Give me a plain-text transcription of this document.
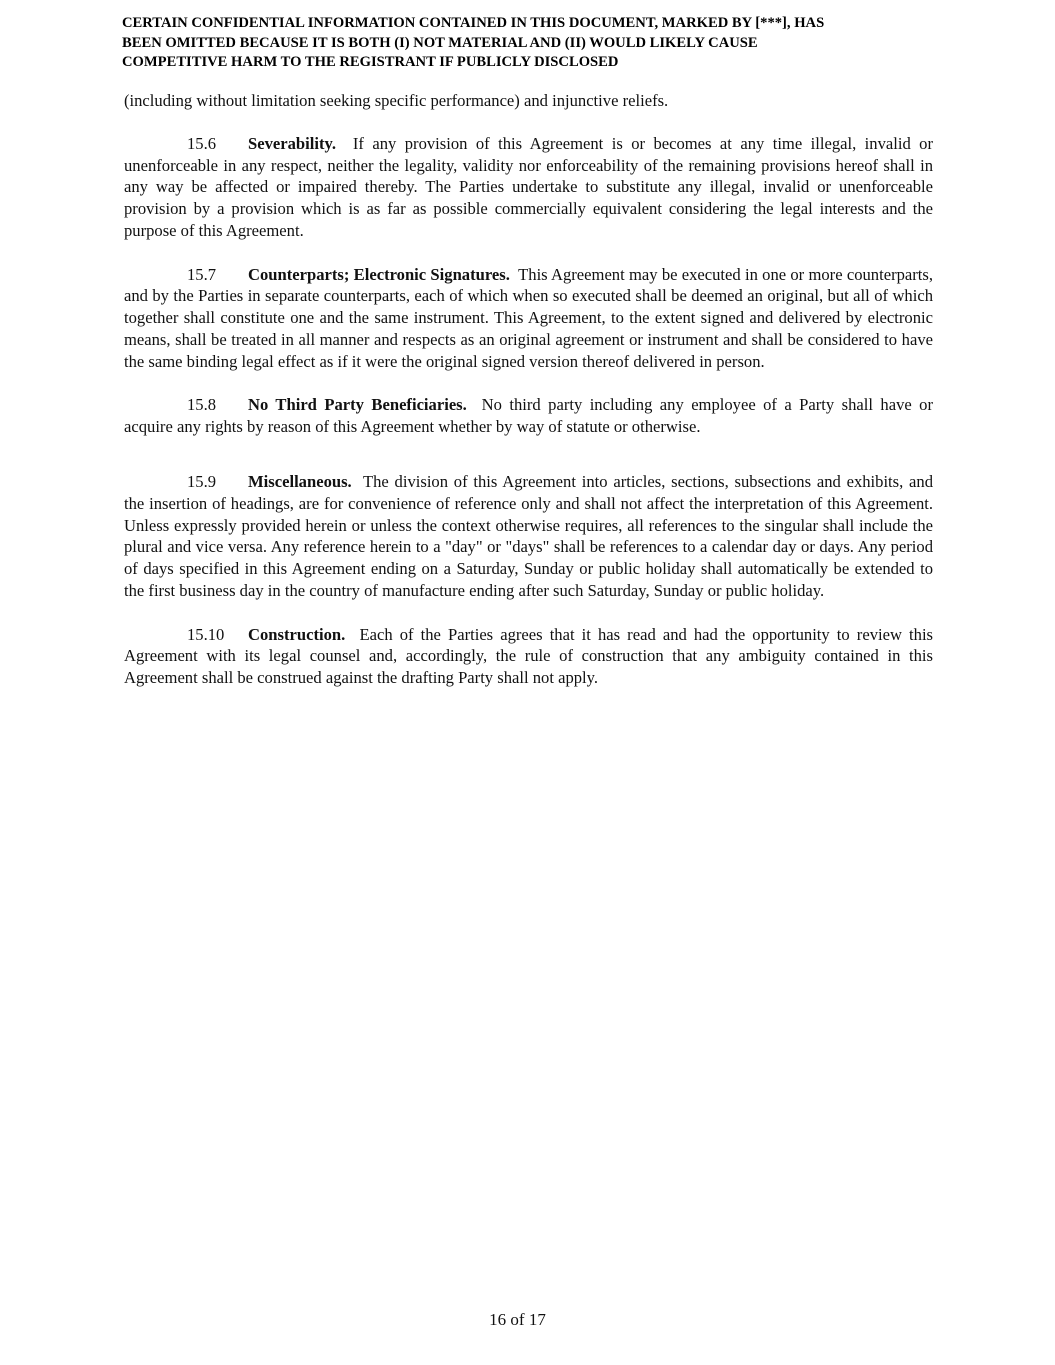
CERTAIN CONFIDENTIAL INFORMATION CONTAINED IN THIS DOCUMENT, MARKED BY [***], HAS
BEEN OMITTED BECAUSE IT IS BOTH (I) NOT MATERIAL AND (II) WOULD LIKELY CAUSE
COMPETITIVE HARM TO THE REGISTRANT IF PUBLICLY DISCLOSED

(including without limitation seeking specific performance) and injunctive reliefs.

15.6 Severability. If any provision of this Agreement is or becomes at any time illegal, invalid or unenforceable in any respect, neither the legality, validity nor enforceability of the remaining provisions hereof shall in any way be affected or impaired thereby. The Parties undertake to substitute any illegal, invalid or unenforceable provision by a provision which is as far as possible commercially equivalent considering the legal interests and the purpose of this Agreement.

15.7 Counterparts; Electronic Signatures. This Agreement may be executed in one or more counterparts, and by the Parties in separate counterparts, each of which when so executed shall be deemed an original, but all of which together shall constitute one and the same instrument. This Agreement, to the extent signed and delivered by electronic means, shall be treated in all manner and respects as an original agreement or instrument and shall be considered to have the same binding legal effect as if it were the original signed version thereof delivered in person.

15.8 No Third Party Beneficiaries. No third party including any employee of a Party shall have or acquire any rights by reason of this Agreement whether by way of statute or otherwise.

15.9 Miscellaneous. The division of this Agreement into articles, sections, subsections and exhibits, and the insertion of headings, are for convenience of reference only and shall not affect the interpretation of this Agreement. Unless expressly provided herein or unless the context otherwise requires, all references to the singular shall include the plural and vice versa. Any reference herein to a "day" or "days" shall be references to a calendar day or days. Any period of days specified in this Agreement ending on a Saturday, Sunday or public holiday shall automatically be extended to the first business day in the country of manufacture ending after such Saturday, Sunday or public holiday.

15.10 Construction. Each of the Parties agrees that it has read and had the opportunity to review this Agreement with its legal counsel and, accordingly, the rule of construction that any ambiguity contained in this Agreement shall be construed against the drafting Party shall not apply.

16 of 17
